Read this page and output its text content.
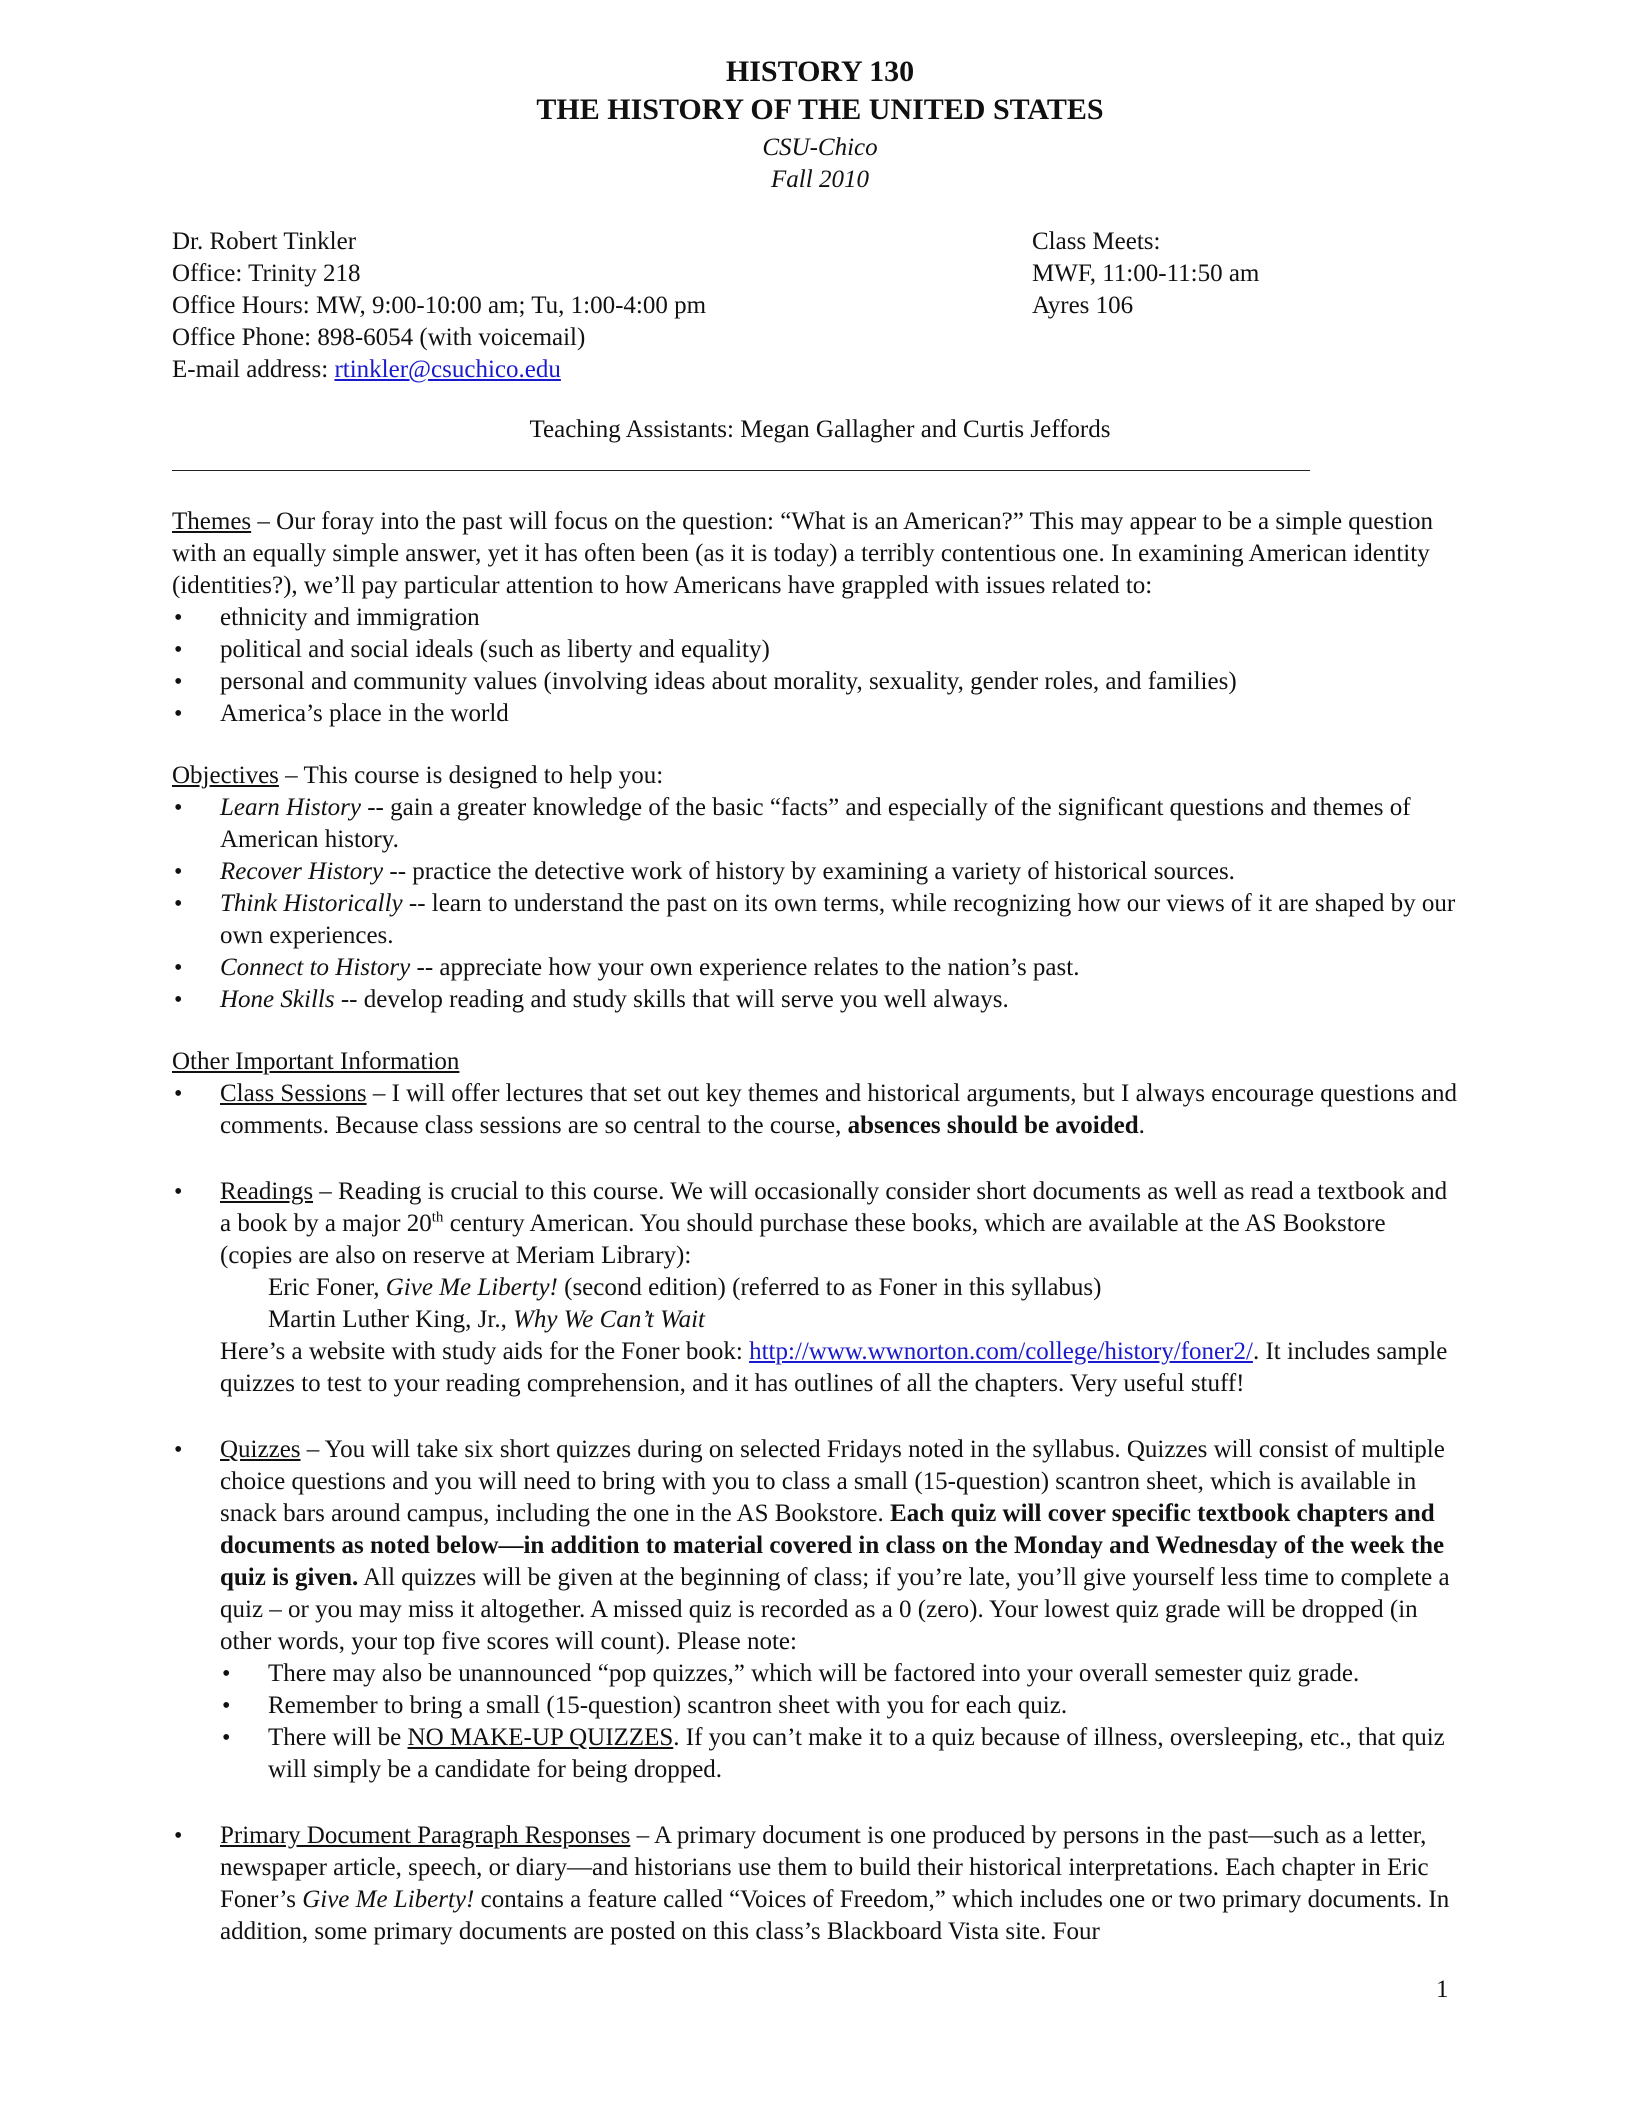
HISTORY 130
THE HISTORY OF THE UNITED STATES
CSU-Chico
Fall 2010
Dr. Robert Tinkler
Office: Trinity 218
Office Hours: MW, 9:00-10:00 am; Tu, 1:00-4:00 pm
Office Phone: 898-6054 (with voicemail)
E-mail address: rtinkler@csuchico.edu
Class Meets:
MWF, 11:00-11:50 am
Ayres 106
Teaching Assistants: Megan Gallagher and Curtis Jeffords

Themes – Our foray into the past will focus on the question: “What is an American?” This may appear to be a simple question with an equally simple answer, yet it has often been (as it is today) a terribly contentious one. In examining American identity (identities?), we’ll pay particular attention to how Americans have grappled with issues related to:

• ethnicity and immigration
• political and social ideals (such as liberty and equality)
• personal and community values (involving ideas about morality, sexuality, gender roles, and families)
• America’s place in the world

Objectives – This course is designed to help you:

• Learn History -- gain a greater knowledge of the basic “facts” and especially of the significant questions and themes of American history.
• Recover History -- practice the detective work of history by examining a variety of historical sources.
• Think Historically -- learn to understand the past on its own terms, while recognizing how our views of it are shaped by our own experiences.
• Connect to History -- appreciate how your own experience relates to the nation’s past.
• Hone Skills -- develop reading and study skills that will serve you well always.

Other Important Information

• Class Sessions – I will offer lectures that set out key themes and historical arguments, but I always encourage questions and comments. Because class sessions are so central to the course, absences should be avoided.
• Readings – Reading is crucial to this course. We will occasionally consider short documents as well as read a textbook and a book by a major 20th century American. You should purchase these books, which are available at the AS Bookstore (copies are also on reserve at Meriam Library):
Eric Foner, Give Me Liberty! (second edition) (referred to as Foner in this syllabus)
Martin Luther King, Jr., Why We Can’t Wait
Here’s a website with study aids for the Foner book: http://www.wwnorton.com/college/history/foner2/. It includes sample quizzes to test to your reading comprehension, and it has outlines of all the chapters. Very useful stuff!
• Quizzes – You will take six short quizzes during on selected Fridays noted in the syllabus. Quizzes will consist of multiple choice questions and you will need to bring with you to class a small (15-question) scantron sheet, which is available in snack bars around campus, including the one in the AS Bookstore. Each quiz will cover specific textbook chapters and documents as noted below—in addition to material covered in class on the Monday and Wednesday of the week the quiz is given. All quizzes will be given at the beginning of class; if you’re late, you’ll give yourself less time to complete a quiz – or you may miss it altogether. A missed quiz is recorded as a 0 (zero). Your lowest quiz grade will be dropped (in other words, your top five scores will count). Please note:
• There may also be unannounced “pop quizzes,” which will be factored into your overall semester quiz grade.
• Remember to bring a small (15-question) scantron sheet with you for each quiz.
• There will be NO MAKE-UP QUIZZES. If you can’t make it to a quiz because of illness, oversleeping, etc., that quiz will simply be a candidate for being dropped.
• Primary Document Paragraph Responses – A primary document is one produced by persons in the past—such as a letter, newspaper article, speech, or diary—and historians use them to build their historical interpretations. Each chapter in Eric Foner’s Give Me Liberty! contains a feature called “Voices of Freedom,” which includes one or two primary documents. In addition, some primary documents are posted on this class’s Blackboard Vista site. Four
1
